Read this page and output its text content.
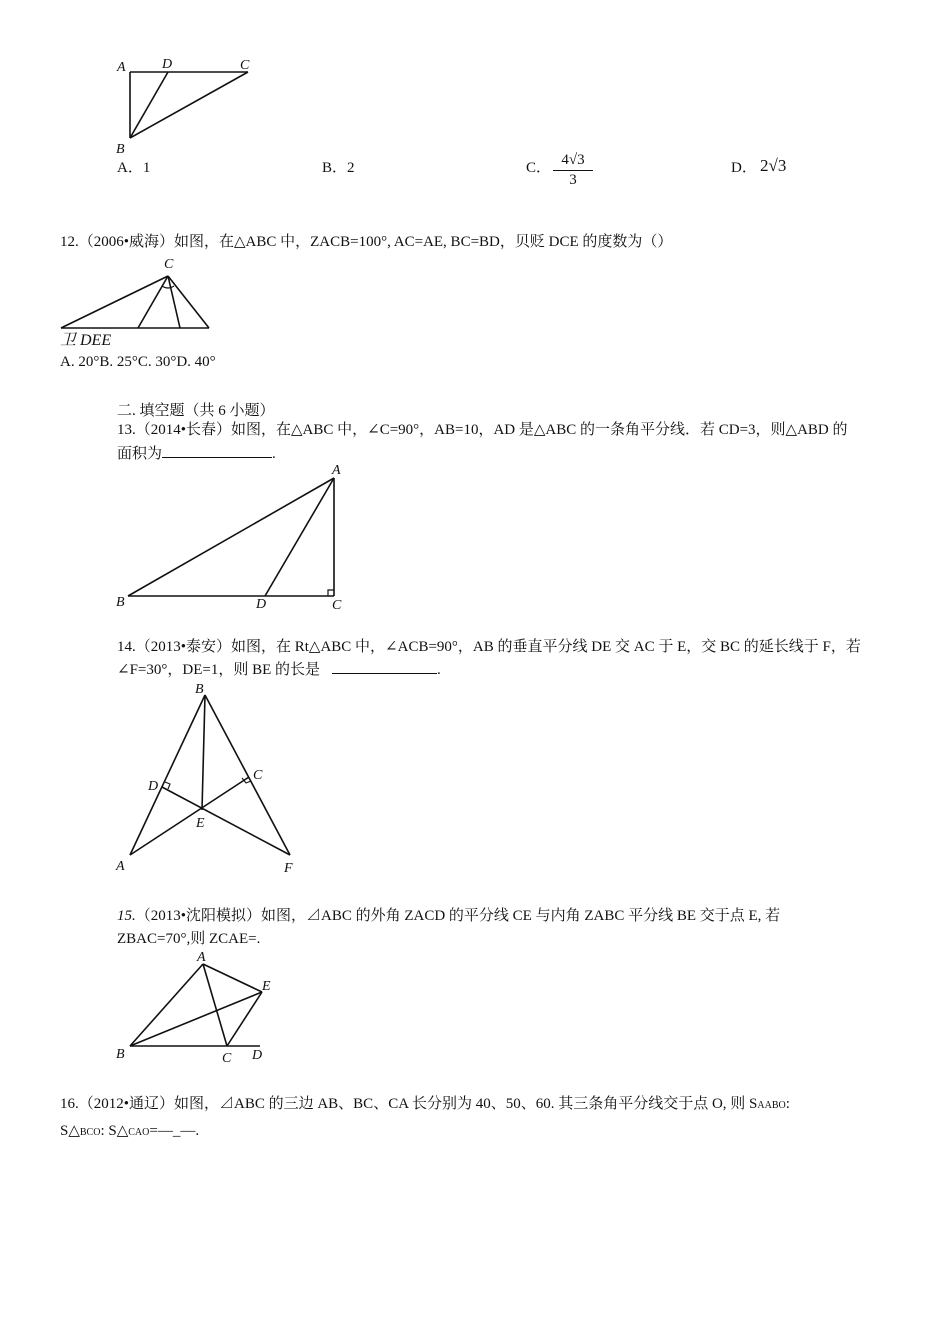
A	D	C
B
A．1	B．2	C． $\frac{4√3}{3}$	D． 2√3
12.（2006•威海）如图，在△ABC 中，ZACB=100°, AC=AE, BC=BD，贝贬 DCE 的度数为（）
C
卫 DEE
A. 20°B. 25°C. 30°D. 40°
二. 填空题（共 6 小题）
13.（2014•长春）如图，在△ABC 中，∠C=90°，AB=10，AD 是△ABC 的一条角平分线．若 CD=3，则△ABD 的
面积为	.
A
B	D	C
14.（2013•泰安）如图，在 Rt△ABC 中，∠ACB=90°，AB 的垂直平分线 DE 交 AC 于 E，交 BC 的延长线于 F，若
∠F=30°，DE=1，则 BE 的长是	.
B
D
C
E
A	F
15.（2013•沈阳模拟）如图，⊿ABC 的外角 ZACD 的平分线 CE 与内角 ZABC 平分线 BE 交于点 E, 若
ZBAC=70°,则 ZCAE=.
A
E
B	C D
16.（2012•通辽）如图，⊿ABC 的三边 AB、BC、CA 长分别为 40、50、60. 其三条角平分线交于点 O, 则 SAABO:
S△BCO: S△CAO=—_—.
